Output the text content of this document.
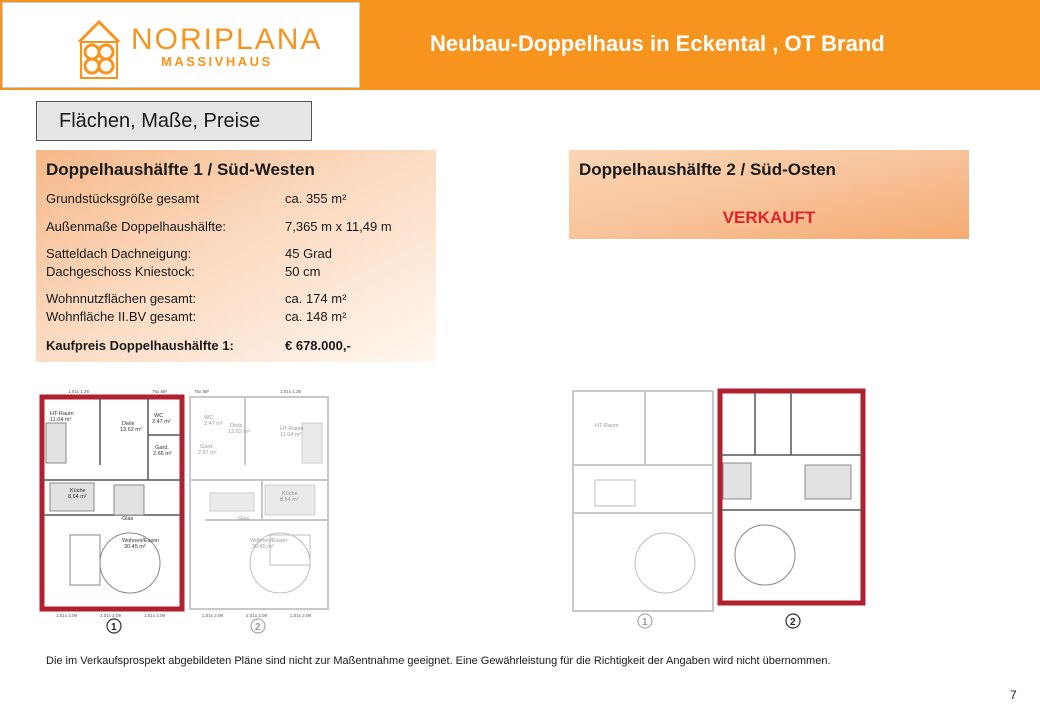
NORIPLANA
MASSIVHAUS
Neubau-Doppelhaus in Eckental , OT Brand
Flächen, Maße, Preise
Doppelhaushälfte 1 / Süd-Westen
Grundstücksgröße gesamt	ca. 355 m²
Außenmaße Doppelhaushälfte:	7,365 m x 11,49 m
Satteldach Dachneigung:	45 Grad
Dachgeschoss Kniestock:	50 cm
Wohnnutzflächen gesamt:	ca. 174 m²
Wohnfläche II.BV gesamt:	ca. 148 m²
Kaufpreis Doppelhaushälfte 1:	€ 678.000,-
Doppelhaushälfte 2 / Süd-Osten
VERKAUFT
HT-Raum
11.04 m²
Diele
13.62 m²
WC
2.47 m²
Gard.
2.66 m²
Küche
8.64 m²
Glas
Wohnen/Essen
30.45 m²
WC
2.47 m² Diele
13.62 m²	HT-Raum
11.04 m²
Gard.
2.67 m²
Küche
8.64 m²
Glas
Wohnen/Essen
30.45 m²
1.01x 1.26	76x 88²	76x 88²	1.01x 1.26
1.01x 2.09	2.01x 2.09	1.01x 2.09	1.01x 2.09	2.01x 2.09	1.01x 2.09
1	2
HT-Raum
1	2
Die im Verkaufsprospekt abgebildeten Pläne sind nicht zur Maßentnahme geeignet. Eine Gewährleistung für die Richtigkeit der Angaben wird nicht übernommen.
7
